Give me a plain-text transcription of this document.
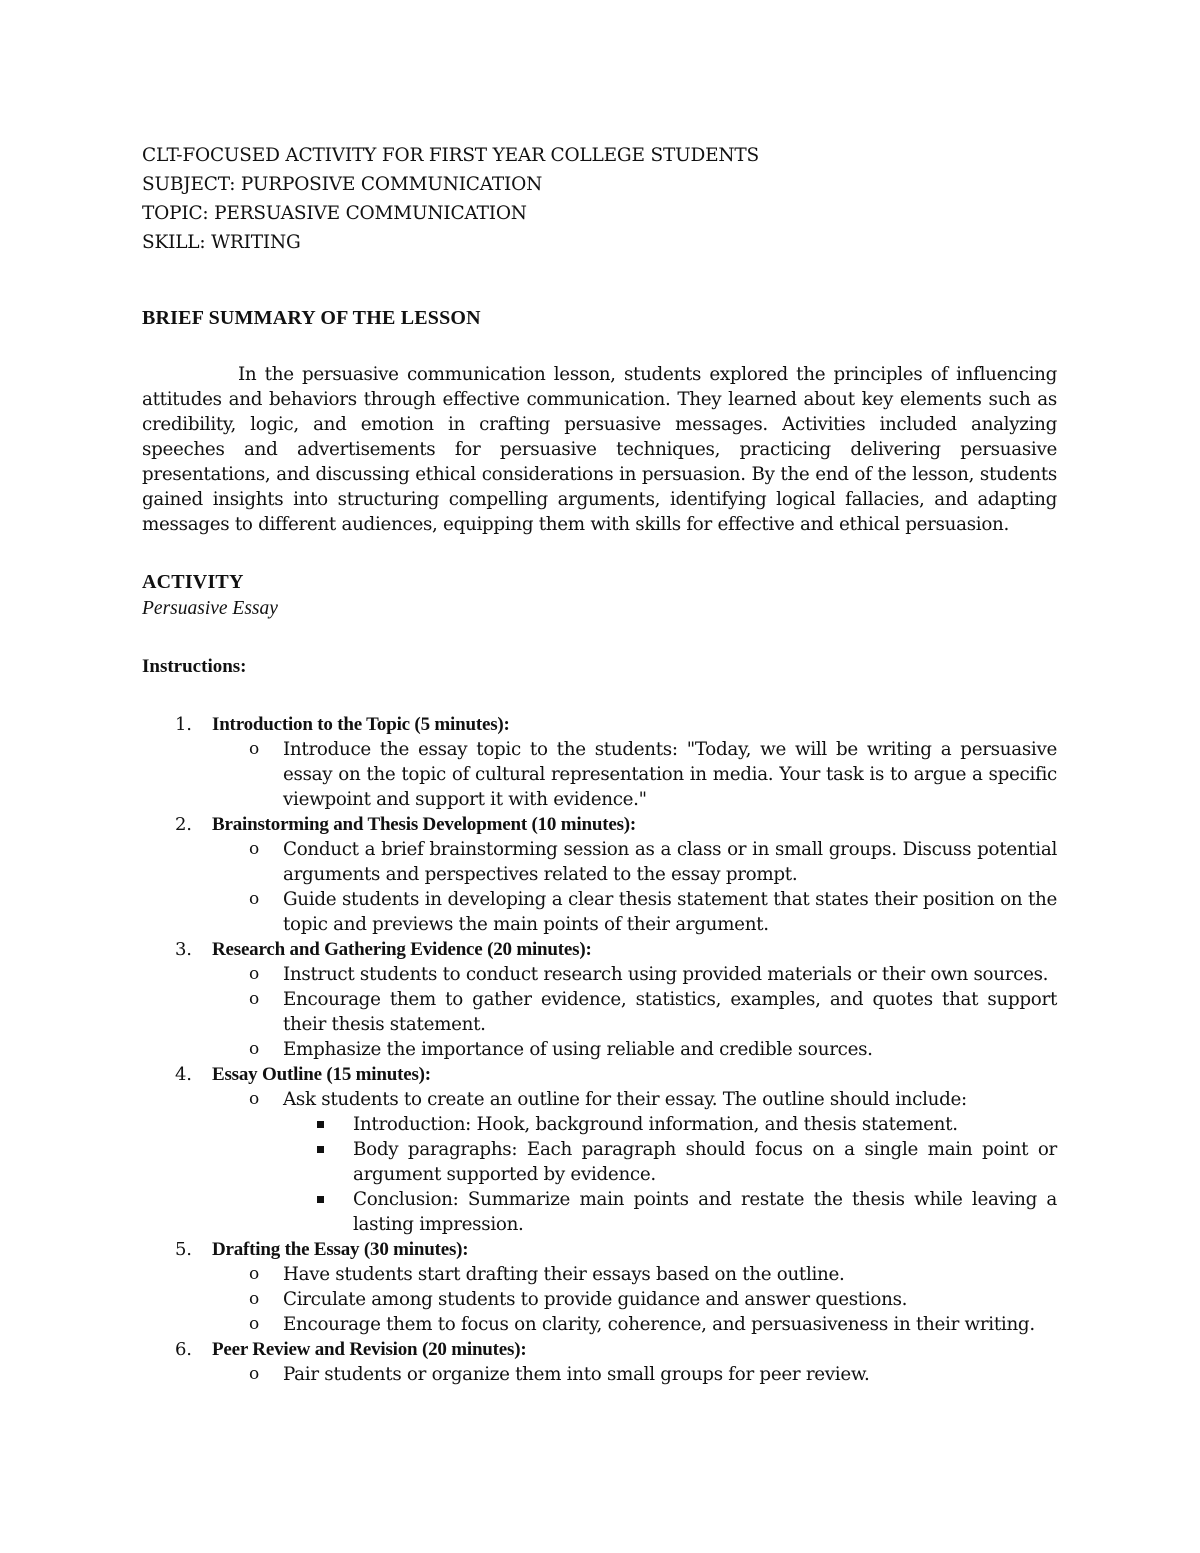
CLT-FOCUSED ACTIVITY FOR FIRST YEAR COLLEGE STUDENTS

SUBJECT: PURPOSIVE COMMUNICATION

TOPIC: PERSUASIVE COMMUNICATION

SKILL: WRITING

BRIEF SUMMARY OF THE LESSON

In the persuasive communication lesson, students explored the principles of influencing attitudes and behaviors through effective communication. They learned about key elements such as credibility, logic, and emotion in crafting persuasive messages. Activities included analyzing speeches and advertisements for persuasive techniques, practicing delivering persuasive presentations, and discussing ethical considerations in persuasion. By the end of the lesson, students gained insights into structuring compelling arguments, identifying logical fallacies, and adapting messages to different audiences, equipping them with skills for effective and ethical persuasion.

ACTIVITY

Persuasive Essay

Instructions:

1. Introduction to the Topic (5 minutes):
o Introduce the essay topic to the students: "Today, we will be writing a persuasive essay on the topic of cultural representation in media. Your task is to argue a specific viewpoint and support it with evidence."
2. Brainstorming and Thesis Development (10 minutes):
o Conduct a brief brainstorming session as a class or in small groups. Discuss potential arguments and perspectives related to the essay prompt.
o Guide students in developing a clear thesis statement that states their position on the topic and previews the main points of their argument.
3. Research and Gathering Evidence (20 minutes):
o Instruct students to conduct research using provided materials or their own sources.
o Encourage them to gather evidence, statistics, examples, and quotes that support their thesis statement.
o Emphasize the importance of using reliable and credible sources.
4. Essay Outline (15 minutes):
o Ask students to create an outline for their essay. The outline should include:
Introduction: Hook, background information, and thesis statement.
Body paragraphs: Each paragraph should focus on a single main point or argument supported by evidence.
Conclusion: Summarize main points and restate the thesis while leaving a lasting impression.
5. Drafting the Essay (30 minutes):
o Have students start drafting their essays based on the outline.
o Circulate among students to provide guidance and answer questions.
o Encourage them to focus on clarity, coherence, and persuasiveness in their writing.
6. Peer Review and Revision (20 minutes):
o Pair students or organize them into small groups for peer review.
